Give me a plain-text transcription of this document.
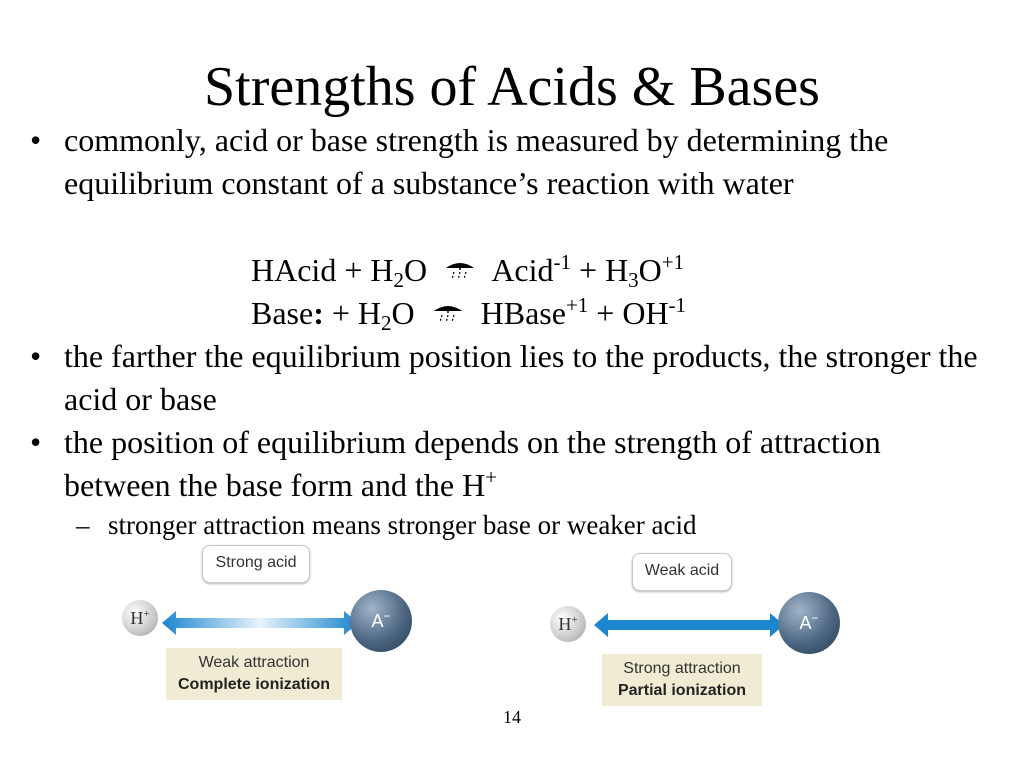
Strengths of Acids & Bases
• commonly, acid or base strength is measured by determining the equilibrium constant of a substance’s reaction with water
HAcid + $H_2O$ Acid$^{-1}$ + $H_3O^{+1}$
Base: + $H_2O$ HBase$^{+1}$ + $OH^{-1}$
• the farther the equilibrium position lies to the products, the stronger the acid or base
• the position of equilibrium depends on the strength of attraction between the base form and the H+
– stronger attraction means stronger base or weaker acid
Strong acid
H+	A−
Weak attraction
Complete ionization
Weak acid
H+	A−
Strong attraction
Partial ionization
14
